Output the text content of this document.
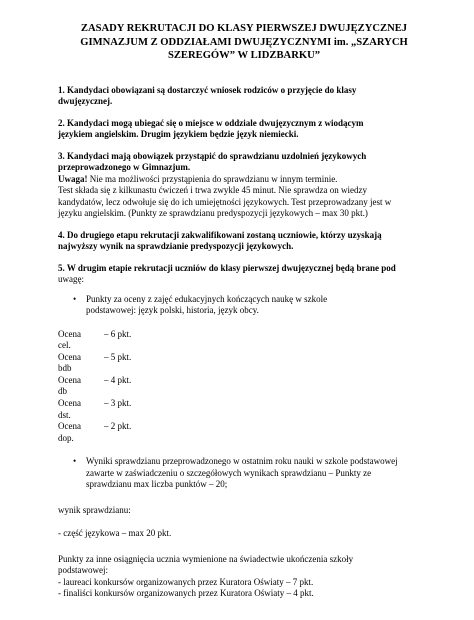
ZASADY REKRUTACJI DO KLASY PIERWSZEJ DWUJĘZYCZNEJ
GIMNAZJUM Z ODDZIAŁAMI DWUJĘZYCZNYMI im. „SZARYCH
SZEREGÓW” W LIDZBARKU”

1. Kandydaci obowiązani są dostarczyć wniosek rodziców o przyjęcie do klasy

dwujęzycznej.

2. Kandydaci mogą ubiegać się o miejsce w oddziale dwujęzycznym z wiodącym

językiem angielskim. Drugim językiem będzie język niemiecki.

3. Kandydaci mają obowiązek przystąpić do sprawdzianu uzdolnień językowych

przeprowadzonego w Gimnazjum.

Uwaga! Nie ma możliwości przystąpienia do sprawdzianu w innym terminie.

Test składa się z kilkunastu ćwiczeń i trwa zwykle 45 minut. Nie sprawdza on wiedzy

kandydatów, lecz odwołuje się do ich umiejętności językowych. Test przeprowadzany jest w

języku angielskim. (Punkty ze sprawdzianu predyspozycji językowych – max 30 pkt.)

4. Do drugiego etapu rekrutacji zakwalifikowani zostaną uczniowie, którzy uzyskają

najwyższy wynik na sprawdzianie predyspozycji językowych.

5. W drugim etapie rekrutacji uczniów do klasy pierwszej dwujęzycznej będą brane pod

uwagę:

• Punkty za oceny z zajęć edukacyjnych kończących naukę w szkole
podstawowej: język polski, historia, język obcy.
Ocena cel.
– 6 pkt.
Ocena bdb
– 5 pkt.
Ocena db
– 4 pkt.
Ocena dst.
– 3 pkt.
Ocena dop.
– 2 pkt.
• Wyniki sprawdzianu przeprowadzonego w ostatnim roku nauki w szkole podstawowej
zawarte w zaświadczeniu o szczegółowych wynikach sprawdzianu – Punkty ze
sprawdzianu max liczba punktów – 20;

wynik sprawdzianu:

- część językowa – max 20 pkt.

Punkty za inne osiągnięcia ucznia wymienione na świadectwie ukończenia szkoły

podstawowej:

- laureaci konkursów organizowanych przez Kuratora Oświaty – 7 pkt.

- finaliści konkursów organizowanych przez Kuratora Oświaty – 4 pkt.
